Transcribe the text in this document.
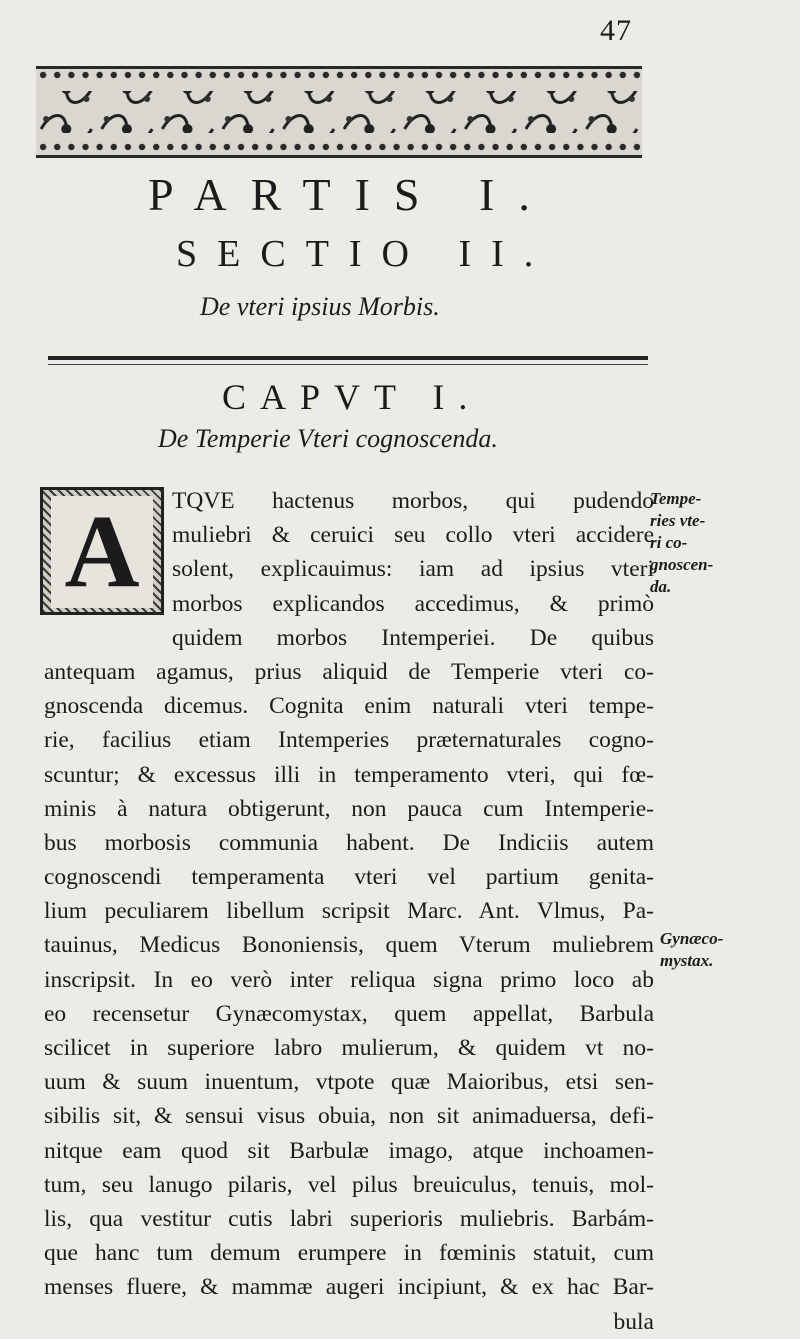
47
PARTIS I.
SECTIO II.
De vteri ipsius Morbis.
CAPVT I.
De Temperie Vteri cognoscenda.
A	TQVE hactenus morbos, qui pudendo
muliebri & ceruici seu collo vteri accidere
solent, explicauimus: iam ad ipsius vteri
morbos explicandos accedimus, & primò
quidem morbos Intemperiei. De quibus
antequam agamus, prius aliquid de Temperie vteri co-
gnoscenda dicemus. Cognita enim naturali vteri tempe-
rie, facilius etiam Intemperies præternaturales cogno-
scuntur; & excessus illi in temperamento vteri, qui fœ-
minis à natura obtigerunt, non pauca cum Intemperie-
bus morbosis communia habent. De Indiciis autem
cognoscendi temperamenta vteri vel partium genita-
lium peculiarem libellum scripsit Marc. Ant. Vlmus, Pa-
tauinus, Medicus Bononiensis, quem Vterum muliebrem
inscripsit. In eo verò inter reliqua signa primo loco ab
eo recensetur Gynæcomystax, quem appellat, Barbula
scilicet in superiore labro mulierum, & quidem vt no-
uum & suum inuentum, vtpote quæ Maioribus, etsi sen-
sibilis sit, & sensui visus obuia, non sit animaduersa, defi-
nitque eam quod sit Barbulæ imago, atque inchoamen-
tum, seu lanugo pilaris, vel pilus breuiculus, tenuis, mol-
lis, qua vestitur cutis labri superioris muliebris. Barbám-
que hanc tum demum erumpere in fœminis statuit, cum
menses fluere, & mammæ augeri incipiunt, & ex hac Bar-
bula
Tempe-
ries vte-
ri co-
gnoscen-
da.
Gynæco-
mystax.
